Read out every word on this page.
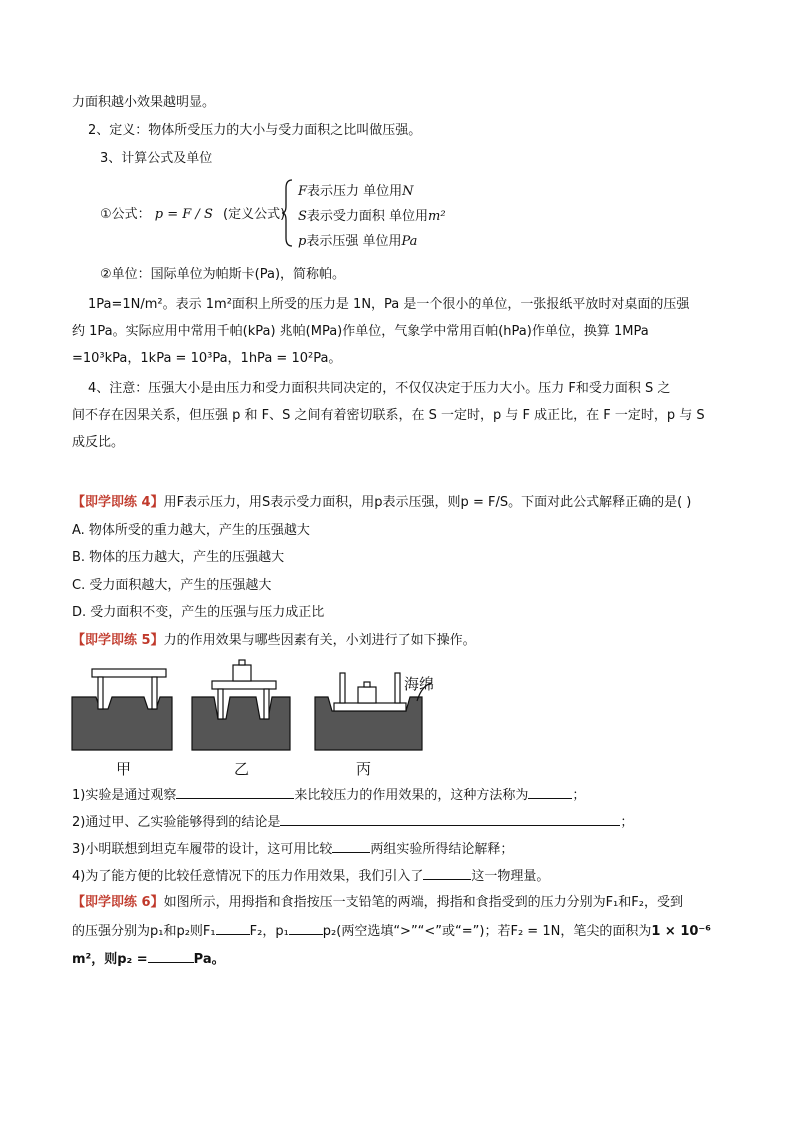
力面积越小效果越明显。
2、定义：物体所受压力的大小与受力面积之比叫做压强。
3、计算公式及单位
①公式： p = F / S (定义公式)
F表示压力 单位用N
S表示受力面积 单位用m²
p表示压强 单位用Pa
②单位：国际单位为帕斯卡(Pa)，简称帕。
1Pa=1N/m²。表示 1m²面积上所受的压力是 1N，Pa 是一个很小的单位，一张报纸平放时对桌面的压强
约 1Pa。实际应用中常用千帕(kPa) 兆帕(MPa)作单位，气象学中常用百帕(hPa)作单位，换算 1MPa
=10³kPa，1kPa = 10³Pa，1hPa = 10²Pa。
4、注意：压强大小是由压力和受力面积共同决定的，不仅仅决定于压力大小。压力 F和受力面积 S 之
间不存在因果关系，但压强 p 和 F、S 之间有着密切联系，在 S 一定时，p 与 F 成正比，在 F 一定时，p 与 S
成反比。
【即学即练 4】用F表示压力，用S表示受力面积，用p表示压强，则p = F/S。下面对此公式解释正确的是( )
A. 物体所受的重力越大，产生的压强越大
B. 物体的压力越大，产生的压强越大
C. 受力面积越大，产生的压强越大
D. 受力面积不变，产生的压强与压力成正比
【即学即练 5】力的作用效果与哪些因素有关，小刘进行了如下操作。
海绵
甲	乙	丙
1)实验是通过观察	来比较压力的作用效果的，这种方法称为	；
2)通过甲、乙实验能够得到的结论是	；
3)小明联想到坦克车履带的设计，这可用比较	两组实验所得结论解释；
4)为了能方便的比较任意情况下的压力作用效果，我们引入了	这一物理量。
【即学即练 6】如图所示，用拇指和食指按压一支铅笔的两端，拇指和食指受到的压力分别为F₁和F₂，受到
的压强分别为p₁和p₂则F₁	F₂，p₁	p₂(两空选填“>”“<”或“=”)；若F₂ = 1N，笔尖的面积为1 × 10⁻⁶
m²，则p₂ =	Pa。
